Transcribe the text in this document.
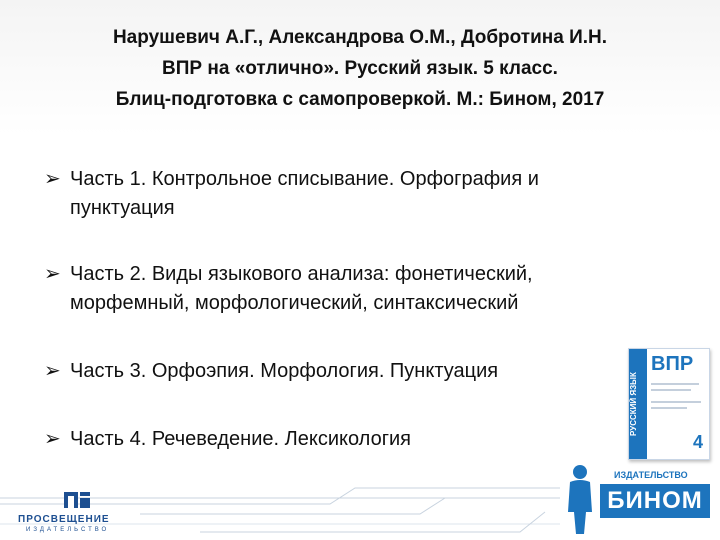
Нарушевич А.Г., Александрова О.М., Добротина И.Н.
ВПР на «отлично». Русский язык. 5 класс.
Блиц-подготовка с самопроверкой. М.: Бином, 2017
➢ Часть 1. Контрольное списывание. Орфография и пунктуация
➢ Часть 2. Виды языкового анализа: фонетический, морфемный, морфологический, синтаксический
➢ Часть 3. Орфоэпия. Морфология. Пунктуация
➢ Часть 4. Речеведение. Лексикология
РУССКИЙ ЯЗЫК
ВПР
4
ПРОСВЕЩЕНИЕ
ИЗДАТЕЛЬСТВО
ИЗДАТЕЛЬСТВО
БИНОМ
